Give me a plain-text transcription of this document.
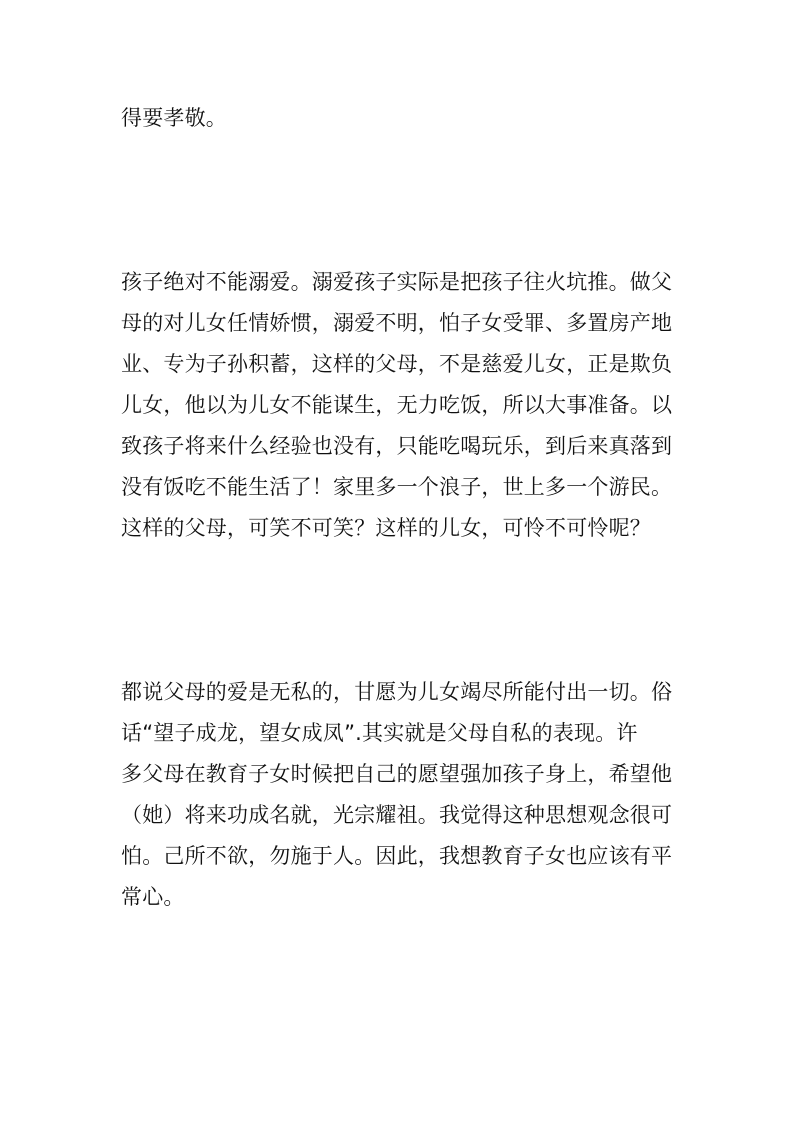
得要孝敬。
孩子绝对不能溺爱。溺爱孩子实际是把孩子往火坑推。做父
母的对儿女任情娇惯，溺爱不明，怕子女受罪、多置房产地
业、专为子孙积蓄，这样的父母，不是慈爱儿女，正是欺负
儿女，他以为儿女不能谋生，无力吃饭，所以大事准备。以
致孩子将来什么经验也没有，只能吃喝玩乐，到后来真落到
没有饭吃不能生活了！家里多一个浪子，世上多一个游民。
这样的父母，可笑不可笑？这样的儿女，可怜不可怜呢？
都说父母的爱是无私的，甘愿为儿女竭尽所能付出一切。俗
话“望子成龙，望女成凤”.其实就是父母自私的表现。许
多父母在教育子女时候把自己的愿望强加孩子身上，希望他
（她）将来功成名就，光宗耀祖。我觉得这种思想观念很可
怕。己所不欲，勿施于人。因此，我想教育子女也应该有平
常心。
